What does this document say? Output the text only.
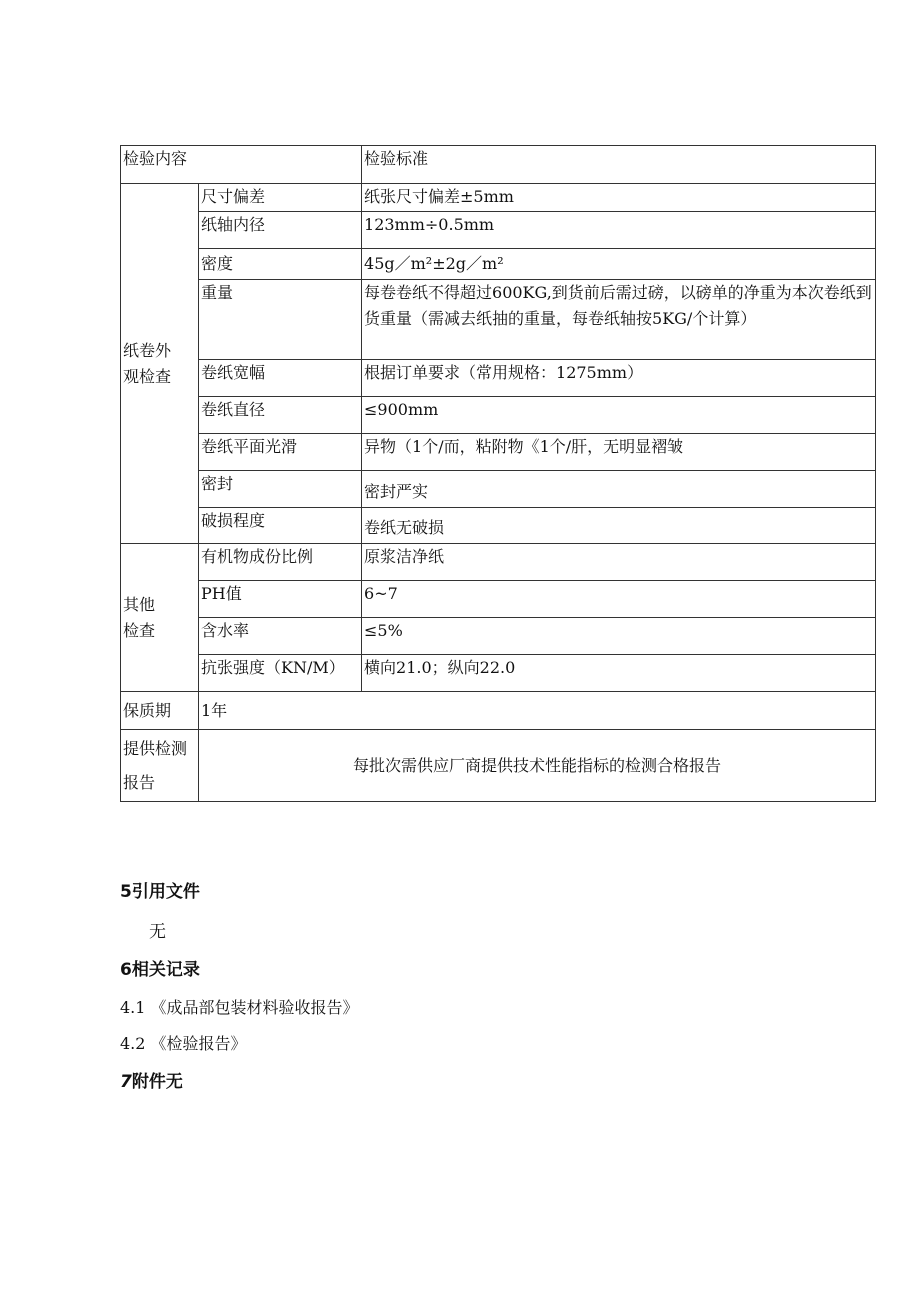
检验内容		检验标准
纸卷外
观检查	尺寸偏差	纸张尺寸偏差±5mm
	纸轴内径	123mm÷0.5mm
	密度	45g／m²±2g／m²
	重量	每卷卷纸不得超过600KG,到货前后需过磅，以磅单的净重为本次卷纸到货重量（需减去纸抽的重量，每卷纸轴按5KG/个计算）
	卷纸宽幅	根据订单要求（常用规格：1275mm）
	卷纸直径	≤900mm
	卷纸平面光滑	异物（1个/而，粘附物《1个/肝，无明显褶皱
	密封	密封严实
	破损程度	卷纸无破损
其他
检查	有机物成份比例	原浆洁净纸
	PH值	6~7
	含水率	≤5%
	抗张强度（KN/M）	横向21.0；纵向22.0
保质期	1年	
提供检测
报告	每批次需供应厂商提供技术性能指标的检测合格报告	

5引用文件

无

6相关记录

4.1 《成品部包装材料验收报告》

4.2 《检验报告》

7附件无
